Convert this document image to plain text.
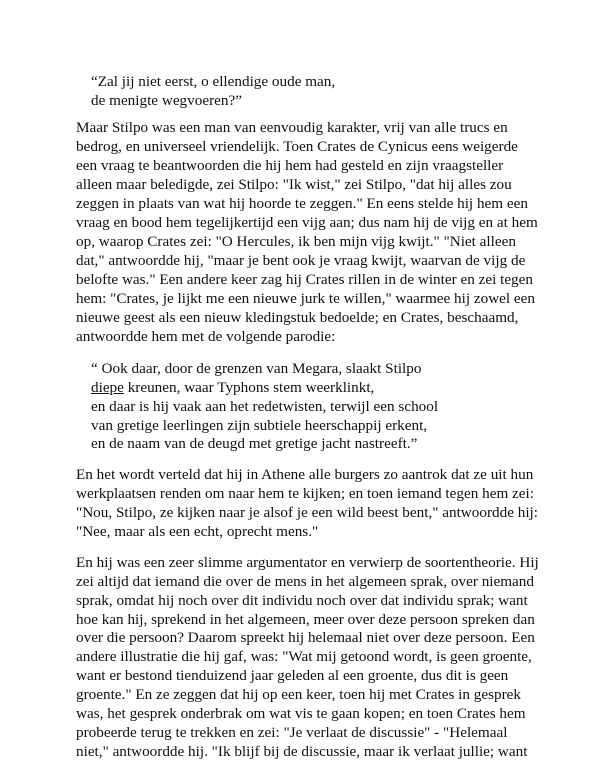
“Zal jij niet eerst, o ellendige oude man,
de menigte wegvoeren?”
Maar Stilpo was een man van eenvoudig karakter, vrij van alle trucs en
bedrog, en universeel vriendelijk. Toen Crates de Cynicus eens weigerde
een vraag te beantwoorden die hij hem had gesteld en zijn vraagsteller
alleen maar beledigde, zei Stilpo: "Ik wist," zei Stilpo, "dat hij alles zou
zeggen in plaats van wat hij hoorde te zeggen." En eens stelde hij hem een
vraag en bood hem tegelijkertijd een vijg aan; dus nam hij de vijg en at hem
op, waarop Crates zei: "O Hercules, ik ben mijn vijg kwijt." "Niet alleen
dat," antwoordde hij, "maar je bent ook je vraag kwijt, waarvan de vijg de
belofte was." Een andere keer zag hij Crates rillen in de winter en zei tegen
hem: "Crates, je lijkt me een nieuwe jurk te willen," waarmee hij zowel een
nieuwe geest als een nieuw kledingstuk bedoelde; en Crates, beschaamd,
antwoordde hem met de volgende parodie:
“ Ook daar, door de grenzen van Megara, slaakt Stilpo
diepe kreunen, waar Typhons stem weerklinkt,
en daar is hij vaak aan het redetwisten, terwijl een school
van gretige leerlingen zijn subtiele heerschappij erkent,
en de naam van de deugd met gretige jacht nastreeft.”
En het wordt verteld dat hij in Athene alle burgers zo aantrok dat ze uit hun
werkplaatsen renden om naar hem te kijken; en toen iemand tegen hem zei:
"Nou, Stilpo, ze kijken naar je alsof je een wild beest bent," antwoordde hij:
"Nee, maar als een echt, oprecht mens."
En hij was een zeer slimme argumentator en verwierp de soortentheorie. Hij
zei altijd dat iemand die over de mens in het algemeen sprak, over niemand
sprak, omdat hij noch over dit individu noch over dat individu sprak; want
hoe kan hij, sprekend in het algemeen, meer over deze persoon spreken dan
over die persoon? Daarom spreekt hij helemaal niet over deze persoon. Een
andere illustratie die hij gaf, was: "Wat mij getoond wordt, is geen groente,
want er bestond tienduizend jaar geleden al een groente, dus dit is geen
groente." En ze zeggen dat hij op een keer, toen hij met Crates in gesprek
was, het gesprek onderbrak om wat vis te gaan kopen; en toen Crates hem
probeerde terug te trekken en zei: "Je verlaat de discussie" - "Helemaal
niet," antwoordde hij. "Ik blijf bij de discussie, maar ik verlaat jullie; want
